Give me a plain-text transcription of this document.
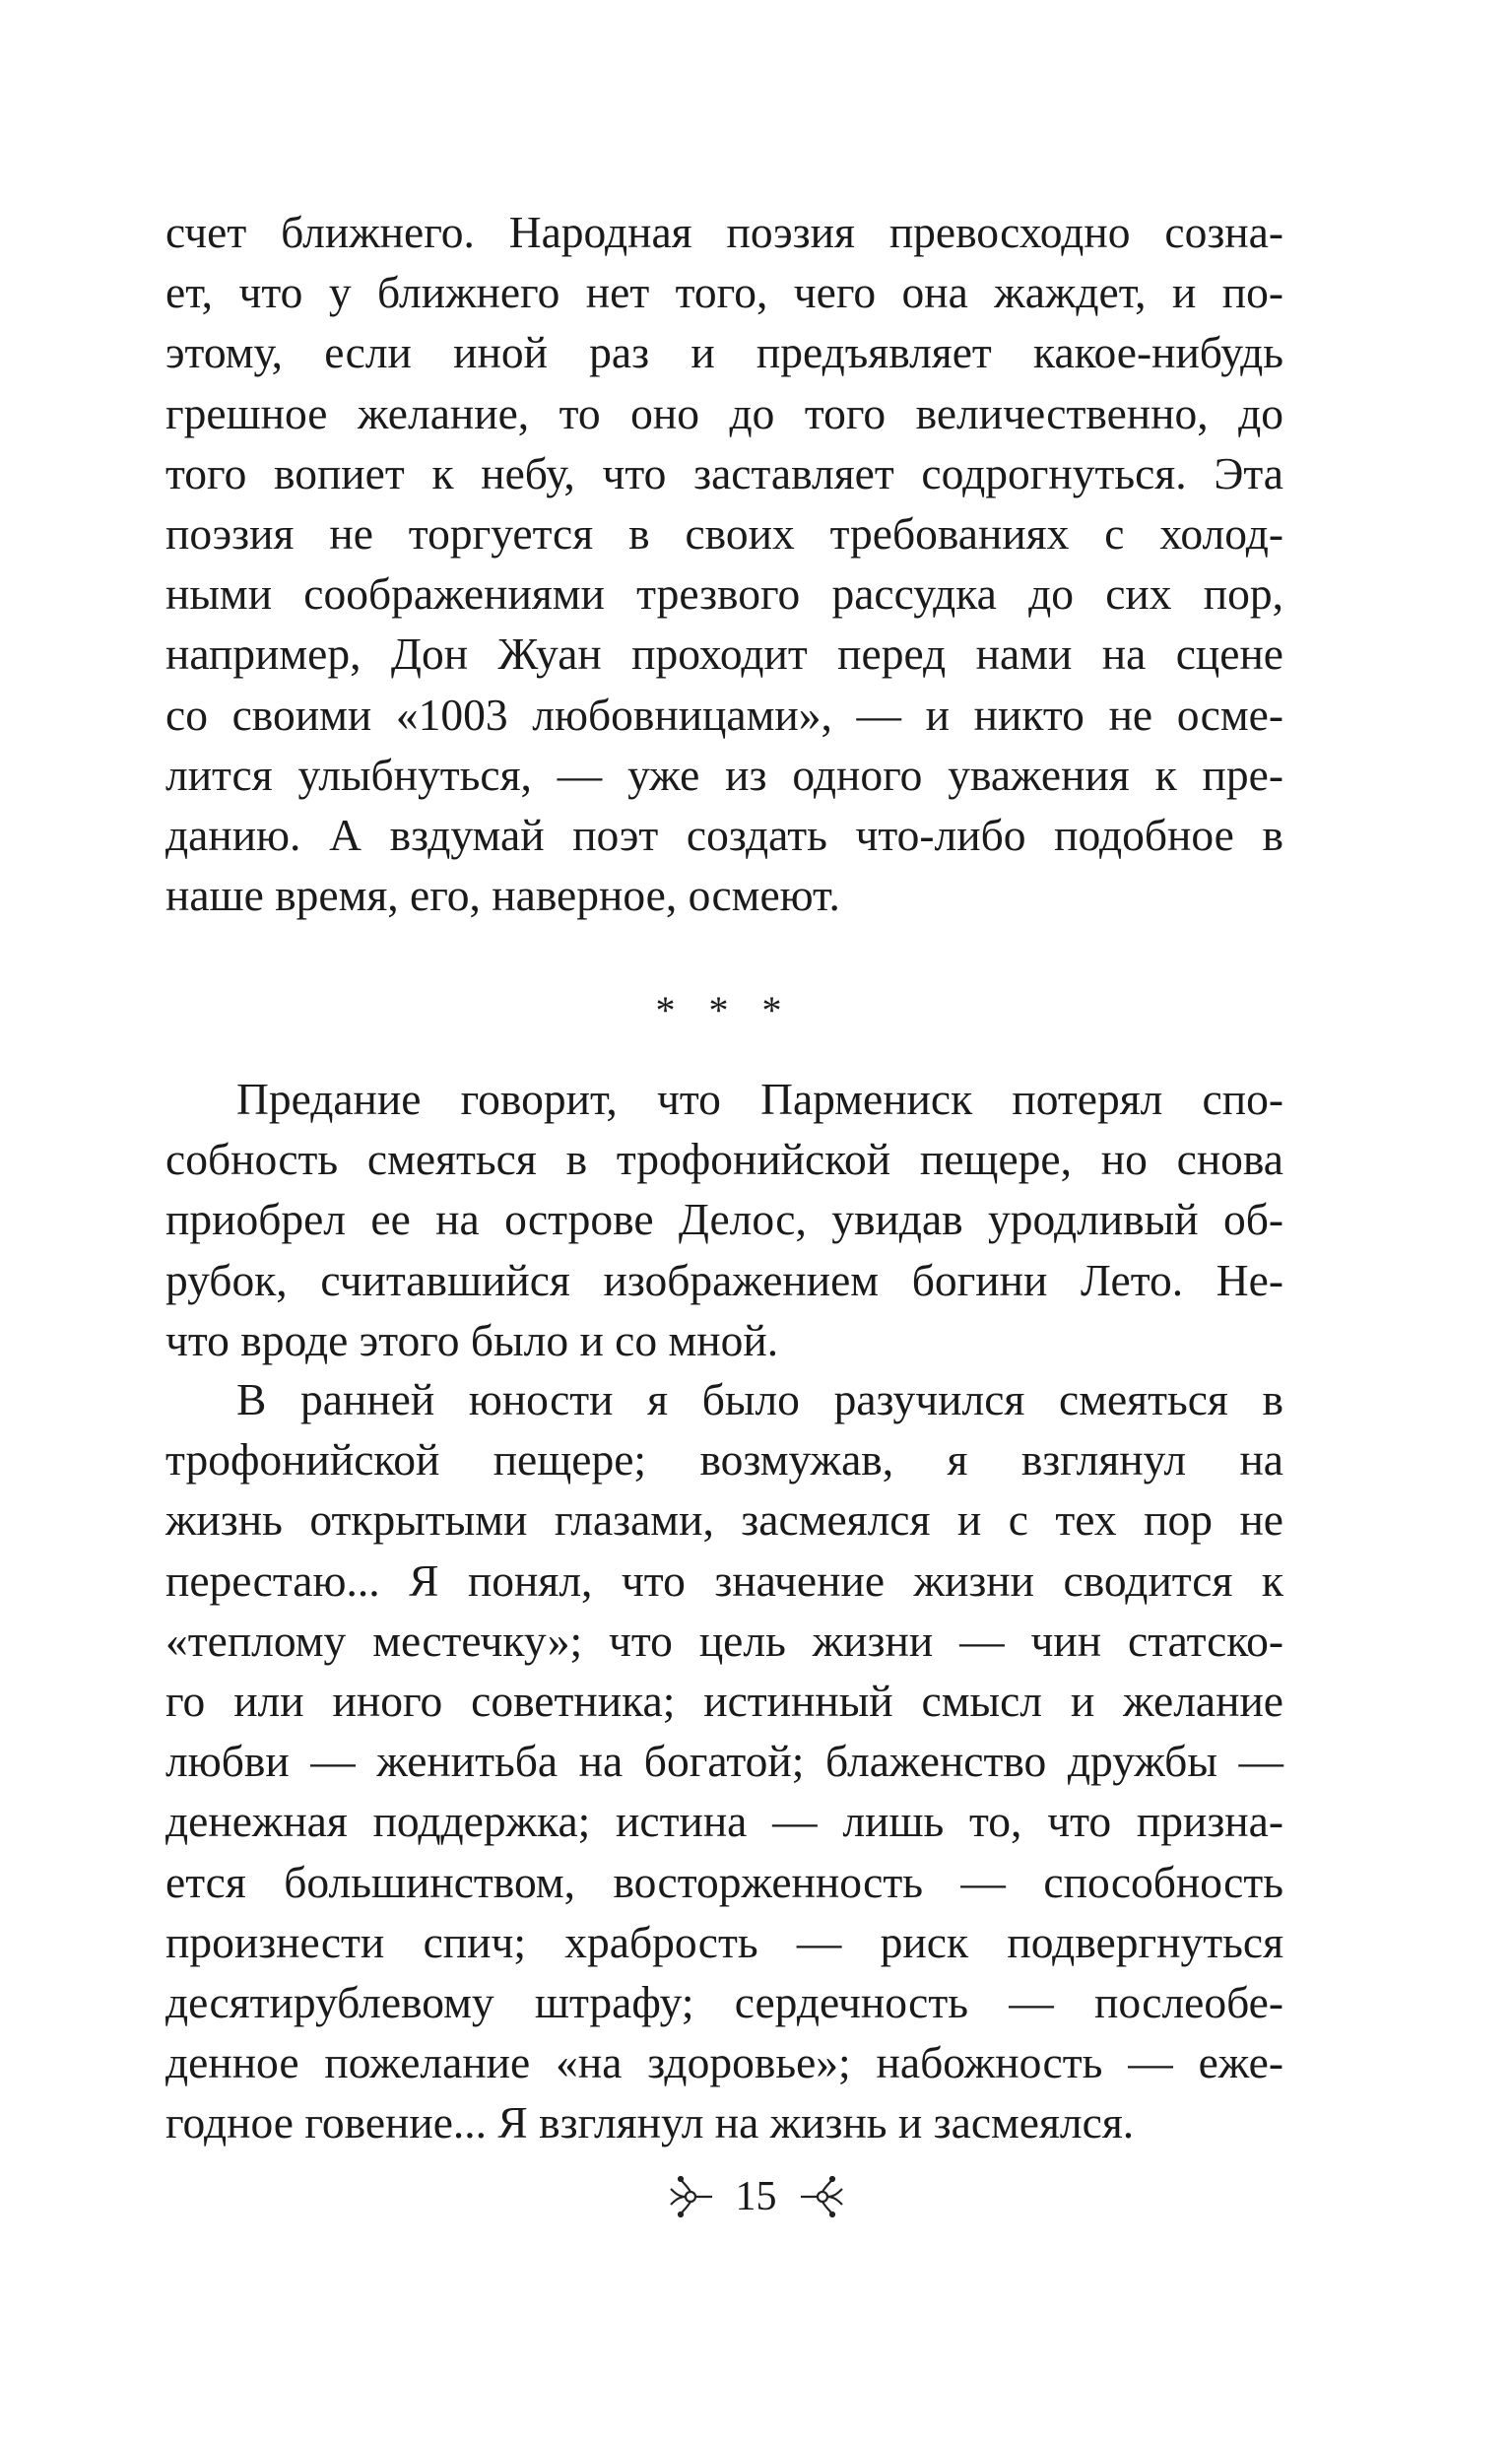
счет ближнего. Народная поэзия превосходно созна-
ет, что у ближнего нет того, чего она жаждет, и по-
этому, если иной раз и предъявляет какое-нибудь
грешное желание, то оно до того величественно, до
того вопиет к небу, что заставляет содрогнуться. Эта
поэзия не торгуется в своих требованиях с холод-
ными соображениями трезвого рассудка до сих пор,
например, Дон Жуан проходит перед нами на сцене
со своими «1003 любовницами», — и никто не осме-
лится улыбнуться, — уже из одного уважения к пре-
данию. А вздумай поэт создать что-либо подобное в
наше время, его, наверное, осмеют.
* * *
Предание говорит, что Пармениск потерял спо-
собность смеяться в трофонийской пещере, но снова
приобрел ее на острове Делос, увидав уродливый об-
рубок, считавшийся изображением богини Лето. Не-
что вроде этого было и со мной.
В ранней юности я было разучился смеяться в
трофонийской пещере; возмужав, я взглянул на
жизнь открытыми глазами, засмеялся и с тех пор не
перестаю... Я понял, что значение жизни сводится к
«теплому местечку»; что цель жизни — чин статско-
го или иного советника; истинный смысл и желание
любви — женитьба на богатой; блаженство дружбы —
денежная поддержка; истина — лишь то, что призна-
ется большинством, восторженность — способность
произнести спич; храбрость — риск подвергнуться
десятирублевому штрафу; сердечность — послеобе-
денное пожелание «на здоровье»; набожность — еже-
годное говение... Я взглянул на жизнь и засмеялся.
15
